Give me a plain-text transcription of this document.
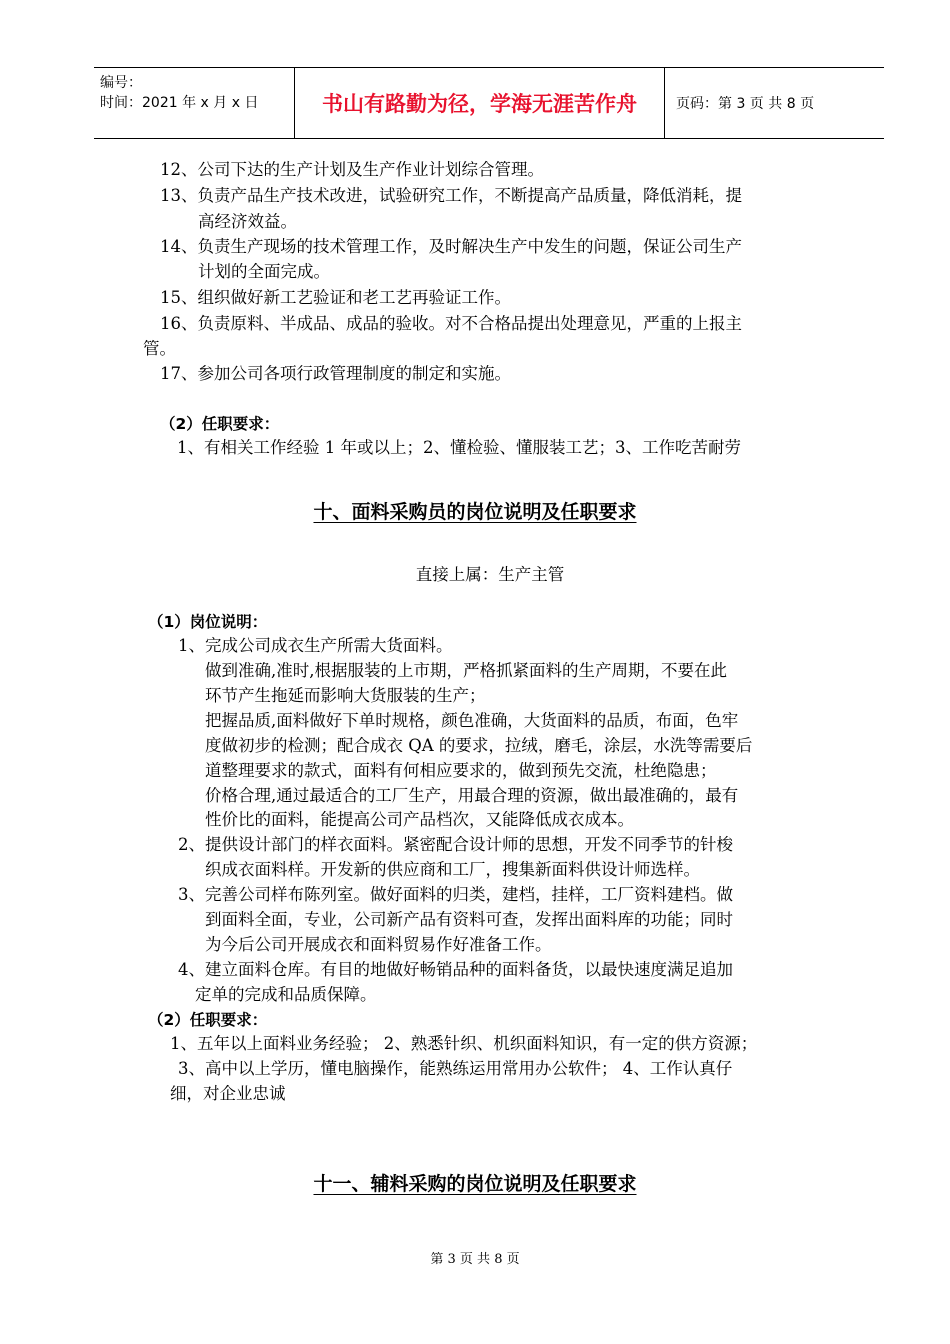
编号：
时间：2021 年 x 月 x 日	书山有路勤为径，学海无涯苦作舟	页码：第 3 页 共 8 页
12、公司下达的生产计划及生产作业计划综合管理。
13、负责产品生产技术改进，试验研究工作，不断提高产品质量，降低消耗，提
高经济效益。
14、负责生产现场的技术管理工作，及时解决生产中发生的问题，保证公司生产
计划的全面完成。
15、组织做好新工艺验证和老工艺再验证工作。
16、负责原料、半成品、成品的验收。对不合格品提出处理意见，严重的上报主
管。
17、参加公司各项行政管理制度的制定和实施。
（2）任职要求：
1、有相关工作经验 1 年或以上；2、懂检验、懂服装工艺；3、工作吃苦耐劳
十、面料采购员的岗位说明及任职要求
直接上属：生产主管
（1）岗位说明：
1、完成公司成衣生产所需大货面料。
做到准确,准时,根据服装的上市期，严格抓紧面料的生产周期，不要在此
环节产生拖延而影响大货服装的生产；
把握品质,面料做好下单时规格，颜色准确，大货面料的品质，布面，色牢
度做初步的检测；配合成衣 QA 的要求，拉绒，磨毛，涂层，水洗等需要后
道整理要求的款式，面料有何相应要求的，做到预先交流，杜绝隐患；
价格合理,通过最适合的工厂生产，用最合理的资源，做出最准确的，最有
性价比的面料，能提高公司产品档次，又能降低成衣成本。
2、提供设计部门的样衣面料。紧密配合设计师的思想，开发不同季节的针梭
织成衣面料样。开发新的供应商和工厂，搜集新面料供设计师选样。
3、完善公司样布陈列室。做好面料的归类，建档，挂样，工厂资料建档。做
到面料全面，专业，公司新产品有资料可查，发挥出面料库的功能；同时
为今后公司开展成衣和面料贸易作好准备工作。
4、建立面料仓库。有目的地做好畅销品种的面料备货，以最快速度满足追加
定单的完成和品质保障。
（2）任职要求：
1、五年以上面料业务经验； 2、熟悉针织、机织面料知识，有一定的供方资源；
3、高中以上学历，懂电脑操作，能熟练运用常用办公软件； 4、工作认真仔
细，对企业忠诚
十一、辅料采购的岗位说明及任职要求
第 3 页 共 8 页
